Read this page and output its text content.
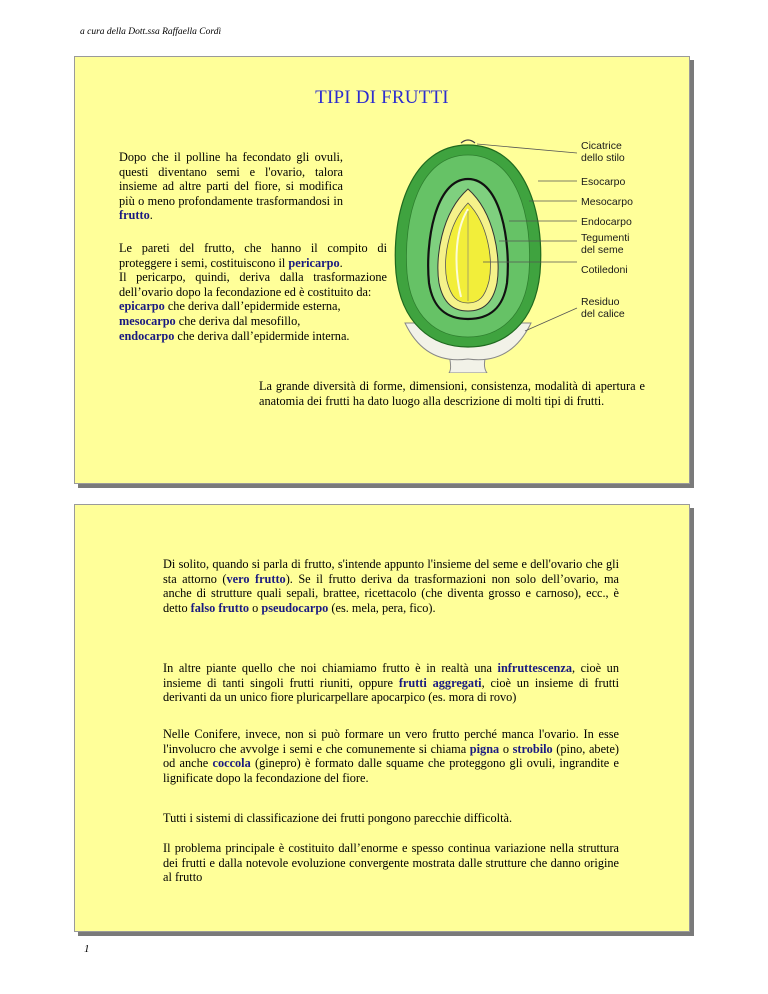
a cura della Dott.ssa Raffaella Cordì
TIPI DI FRUTTI
Dopo che il polline ha fecondato gli ovuli, questi diventano semi e l'ovario, talora insieme ad altre parti del fiore, si modifica più o meno profondamente trasformandosi in frutto.

Le pareti del frutto, che hanno il compito di proteggere i semi, costituiscono il pericarpo.

Il pericarpo, quindi, deriva dalla trasformazione dell’ovario dopo la fecondazione ed è costituito da:

epicarpo che deriva dall’epidermide esterna,

mesocarpo che deriva dal mesofillo,

endocarpo che deriva dall’epidermide interna.

La grande diversità di forme, dimensioni, consistenza, modalità di apertura e anatomia dei frutti ha dato luogo alla descrizione di molti tipi di frutti.
Cicatrice
dello stilo
Esocarpo
Mesocarpo
Endocarpo
Tegumenti
del seme
Cotiledoni
Residuo
del calice
Di solito, quando si parla di frutto, s'intende appunto l'insieme del seme e dell'ovario che gli sta attorno (vero frutto). Se il frutto deriva da trasformazioni non solo dell’ovario, ma anche di strutture quali sepali, brattee, ricettacolo (che diventa grosso e carnoso), ecc., è detto falso frutto o pseudocarpo (es. mela, pera, fico).
In altre piante quello che noi chiamiamo frutto è in realtà una infruttescenza, cioè un insieme di tanti singoli frutti riuniti, oppure frutti aggregati, cioè un insieme di frutti derivanti da un unico fiore pluricarpellare apocarpico (es. mora di rovo)
Nelle Conifere, invece, non si può formare un vero frutto perché manca l'ovario. In esse l'involucro che avvolge i semi e che comunemente si chiama pigna o strobilo (pino, abete) od anche coccola (ginepro) è formato dalle squame che proteggono gli ovuli, ingrandite e lignificate dopo la fecondazione del fiore.
Tutti i sistemi di classificazione dei frutti pongono parecchie difficoltà.
Il problema principale è costituito dall’enorme e spesso continua variazione nella struttura dei frutti e dalla notevole evoluzione convergente mostrata dalle strutture che danno origine al frutto
1
